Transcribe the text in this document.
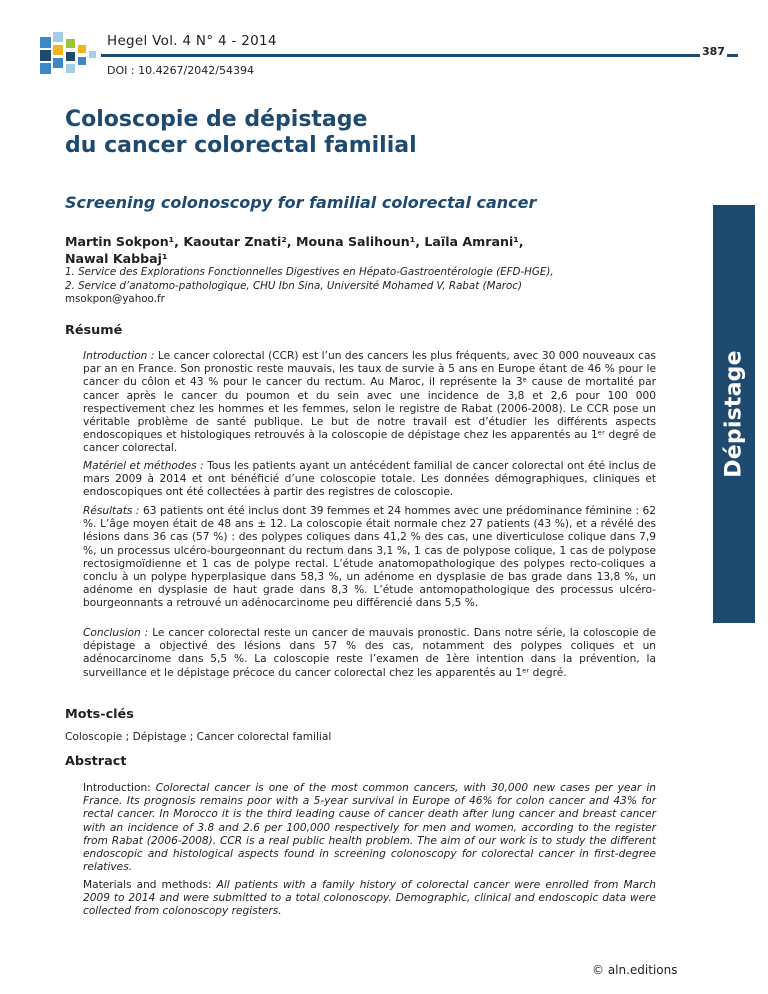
Hegel Vol. 4 N° 4 - 2014
387
DOI : 10.4267/2042/54394
Coloscopie de dépistage
du cancer colorectal familial
Screening colonoscopy for familial colorectal cancer
Dépistage
Martin Sokpon¹, Kaoutar Znati², Mouna Salihoun¹, Laïla Amrani¹,
Nawal Kabbaj¹
1. Service des Explorations Fonctionnelles Digestives en Hépato-Gastroentérologie (EFD-HGE),
2. Service d’anatomo-pathologique, CHU Ibn Sina, Université Mohamed V, Rabat (Maroc)
msokpon@yahoo.fr
Résumé

Introduction : Le cancer colorectal (CCR) est l’un des cancers les plus fréquents, avec 30 000 nouveaux cas par an en France. Son pronostic reste mauvais, les taux de survie à 5 ans en Europe étant de 46 % pour le cancer du côlon et 43 % pour le cancer du rectum. Au Maroc, il représente la 3ᵉ cause de mortalité par cancer après le cancer du poumon et du sein avec une incidence de 3,8 et 2,6 pour 100 000 respectivement chez les hommes et les femmes, selon le registre de Rabat (2006-2008). Le CCR pose un véritable problème de santé publique. Le but de notre travail est d’étudier les différents aspects endoscopiques et histologiques retrouvés à la coloscopie de dépistage chez les apparentés au 1ᵉʳ degré de cancer colorectal.

Matériel et méthodes : Tous les patients ayant un antécédent familial de cancer colorectal ont été inclus de mars 2009 à 2014 et ont bénéficié d’une coloscopie totale. Les données démographiques, cliniques et endoscopiques ont été collectées à partir des registres de coloscopie.

Résultats : 63 patients ont été inclus dont 39 femmes et 24 hommes avec une prédominance féminine : 62 %. L’âge moyen était de 48 ans ± 12. La coloscopie était normale chez 27 patients (43 %), et a révélé des lésions dans 36 cas (57 %) : des polypes coliques dans 41,2 % des cas, une diverticulose colique dans 7,9 %, un processus ulcéro-bourgeonnant du rectum dans 3,1 %, 1 cas de polypose colique, 1 cas de polypose rectosigmoïdienne et 1 cas de polype rectal. L’étude anatomopathologique des polypes recto-coliques a conclu à un polype hyperplasique dans 58,3 %, un adénome en dysplasie de bas grade dans 13,8 %, un adénome en dysplasie de haut grade dans 8,3 %. L’étude antomopathologique des processus ulcéro-bourgeonnants a retrouvé un adénocarcinome peu différencié dans 5,5 %.

Conclusion : Le cancer colorectal reste un cancer de mauvais pronostic. Dans notre série, la coloscopie de dépistage a objectivé des lésions dans 57 % des cas, notamment des polypes coliques et un adénocarcinome dans 5,5 %. La coloscopie reste l’examen de 1ère intention dans la prévention, la surveillance et le dépistage précoce du cancer colorectal chez les apparentés au 1ᵉʳ degré.

Mots-clés
Coloscopie ; Dépistage ; Cancer colorectal familial
Abstract

Introduction: Colorectal cancer is one of the most common cancers, with 30,000 new cases per year in France. Its prognosis remains poor with a 5-year survival in Europe of 46% for colon cancer and 43% for rectal cancer. In Morocco it is the third leading cause of cancer death after lung cancer and breast cancer with an incidence of 3.8 and 2.6 per 100,000 respectively for men and women, according to the register from Rabat (2006-2008). CCR is a real public health problem. The aim of our work is to study the different endoscopic and histological aspects found in screening colonoscopy for colorectal cancer in first-degree relatives.

Materials and methods: All patients with a family history of colorectal cancer were enrolled from March 2009 to 2014 and were submitted to a total colonoscopy. Demographic, clinical and endoscopic data were collected from colonoscopy registers.

© aln.editions
